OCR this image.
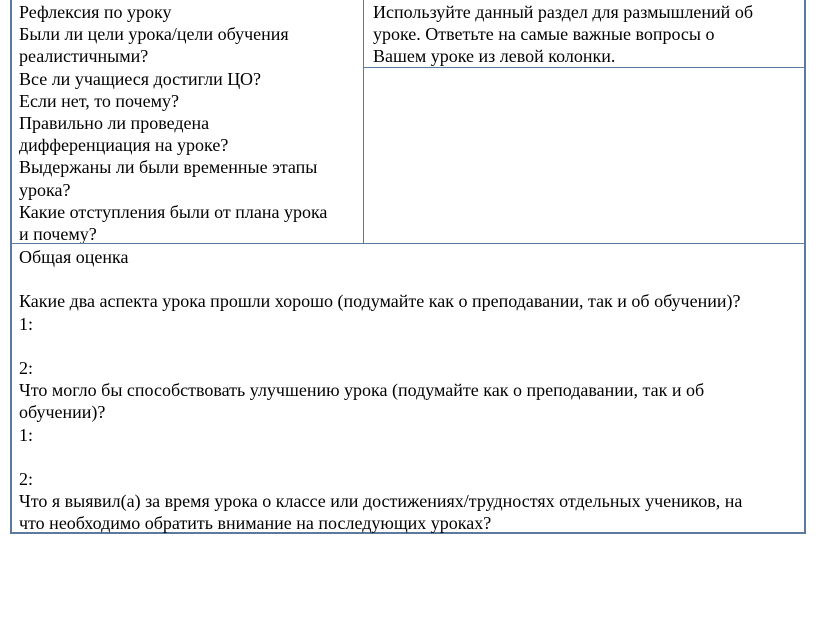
Рефлексия по уроку

Были ли цели урока/цели обучения

реалистичными?

Все ли учащиеся достигли ЦО?

Если нет, то почему?

Правильно ли проведена

дифференциация на уроке?

Выдержаны ли были временные этапы

урока?

Какие отступления были от плана урока

и почему?

Используйте данный раздел для размышлений об

уроке. Ответьте на самые важные вопросы о

Вашем уроке из левой колонки.

Общая оценка

Какие два аспекта урока прошли хорошо (подумайте как о преподавании, так и об обучении)?

1:

2:

Что могло бы способствовать улучшению урока (подумайте как о преподавании, так и об

обучении)?

1:

2:

Что я выявил(а) за время урока о классе или достижениях/трудностях отдельных учеников, на

что необходимо обратить внимание на последующих уроках?
